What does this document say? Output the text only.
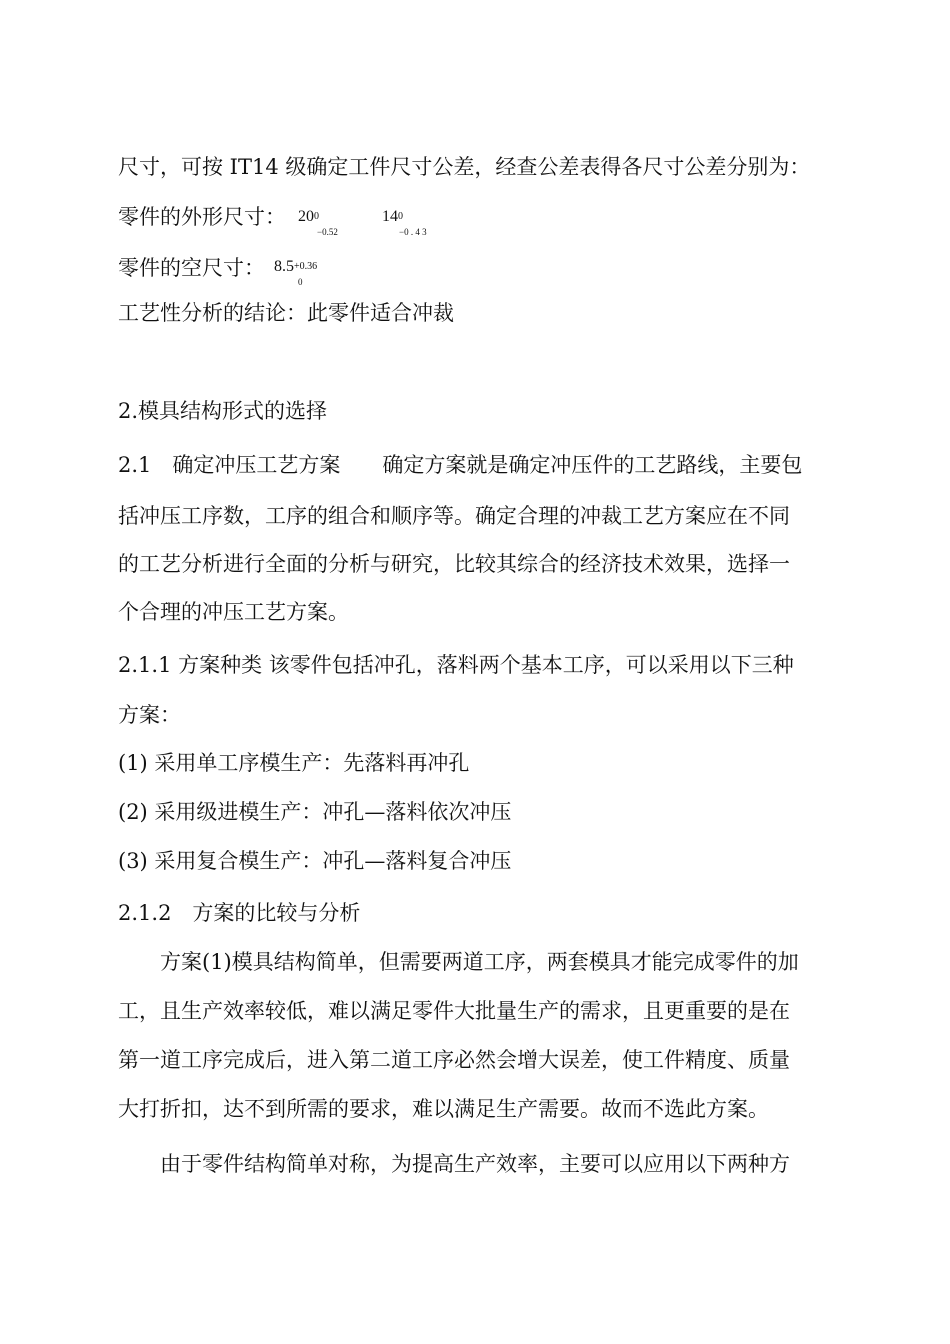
尺寸，可按 IT14 级确定工件尺寸公差，经查公差表得各尺寸公差分别为：
零件的外形尺寸： 200
−0.52
140
−0 . 4 3
零件的空尺寸： 8.5+0.36
0
工艺性分析的结论：此零件适合冲裁
2.模具结构形式的选择
2.1　确定冲压工艺方案　　确定方案就是确定冲压件的工艺路线，主要包
括冲压工序数，工序的组合和顺序等。确定合理的冲裁工艺方案应在不同
的工艺分析进行全面的分析与研究，比较其综合的经济技术效果，选择一
个合理的冲压工艺方案。
2.1.1 方案种类 该零件包括冲孔，落料两个基本工序，可以采用以下三种
方案：
(1) 采用单工序模生产：先落料再冲孔
(2) 采用级进模生产：冲孔—落料依次冲压
(3) 采用复合模生产：冲孔—落料复合冲压
2.1.2　方案的比较与分析
　　方案(1)模具结构简单，但需要两道工序，两套模具才能完成零件的加
工，且生产效率较低，难以满足零件大批量生产的需求，且更重要的是在
第一道工序完成后，进入第二道工序必然会增大误差，使工件精度、质量
大打折扣，达不到所需的要求，难以满足生产需要。故而不选此方案。
　　由于零件结构简单对称，为提高生产效率，主要可以应用以下两种方
